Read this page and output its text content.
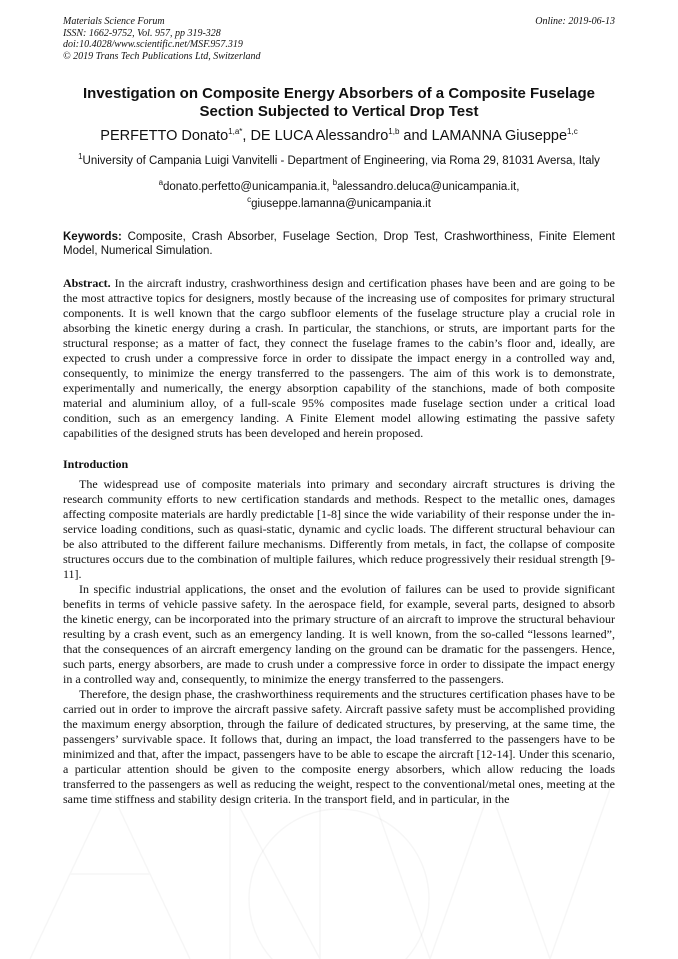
Materials Science Forum
ISSN: 1662-9752, Vol. 957, pp 319-328
doi:10.4028/www.scientific.net/MSF.957.319
© 2019 Trans Tech Publications Ltd, Switzerland
Online: 2019-06-13
Investigation on Composite Energy Absorbers of a Composite Fuselage Section Subjected to Vertical Drop Test
PERFETTO Donato$^{1,a*}$, DE LUCA Alessandro$^{1,b}$ and LAMANNA Giuseppe$^{1,c}$
$^1$University of Campania Luigi Vanvitelli - Department of Engineering, via Roma 29, 81031 Aversa, Italy
$^a$donato.perfetto@unicampania.it, $^b$alessandro.deluca@unicampania.it,
$^c$giuseppe.lamanna@unicampania.it
Keywords: Composite, Crash Absorber, Fuselage Section, Drop Test, Crashworthiness, Finite Element Model, Numerical Simulation.
Abstract. In the aircraft industry, crashworthiness design and certification phases have been and are going to be the most attractive topics for designers, mostly because of the increasing use of composites for primary structural components. It is well known that the cargo subfloor elements of the fuselage structure play a crucial role in absorbing the kinetic energy during a crash. In particular, the stanchions, or struts, are important parts for the structural response; as a matter of fact, they connect the fuselage frames to the cabin’s floor and, ideally, are expected to crush under a compressive force in order to dissipate the impact energy in a controlled way and, consequently, to minimize the energy transferred to the passengers. The aim of this work is to demonstrate, experimentally and numerically, the energy absorption capability of the stanchions, made of both composite material and aluminium alloy, of a full-scale 95% composites made fuselage section under a critical load condition, such as an emergency landing. A Finite Element model allowing estimating the passive safety capabilities of the designed struts has been developed and herein proposed.
Introduction

The widespread use of composite materials into primary and secondary aircraft structures is driving the research community efforts to new certification standards and methods. Respect to the metallic ones, damages affecting composite materials are hardly predictable [1-8] since the wide variability of their response under the in-service loading conditions, such as quasi-static, dynamic and cyclic loads. The different structural behaviour can be also attributed to the different failure mechanisms. Differently from metals, in fact, the collapse of composite structures occurs due to the combination of multiple failures, which reduce progressively their residual strength [9-11].

In specific industrial applications, the onset and the evolution of failures can be used to provide significant benefits in terms of vehicle passive safety. In the aerospace field, for example, several parts, designed to absorb the kinetic energy, can be incorporated into the primary structure of an aircraft to improve the structural behaviour resulting by a crash event, such as an emergency landing. It is well known, from the so-called “lessons learned”, that the consequences of an aircraft emergency landing on the ground can be dramatic for the passengers. Hence, such parts, energy absorbers, are made to crush under a compressive force in order to dissipate the impact energy in a controlled way and, consequently, to minimize the energy transferred to the passengers.

Therefore, the design phase, the crashworthiness requirements and the structures certification phases have to be carried out in order to improve the aircraft passive safety. Aircraft passive safety must be accomplished providing the maximum energy absorption, through the failure of dedicated structures, by preserving, at the same time, the passengers’ survivable space. It follows that, during an impact, the load transferred to the passengers have to be minimized and that, after the impact, passengers have to be able to escape the aircraft [12-14]. Under this scenario, a particular attention should be given to the composite energy absorbers, which allow reducing the loads transferred to the passengers as well as reducing the weight, respect to the conventional/metal ones, meeting at the same time stiffness and stability design criteria. In the transport field, and in particular, in the
